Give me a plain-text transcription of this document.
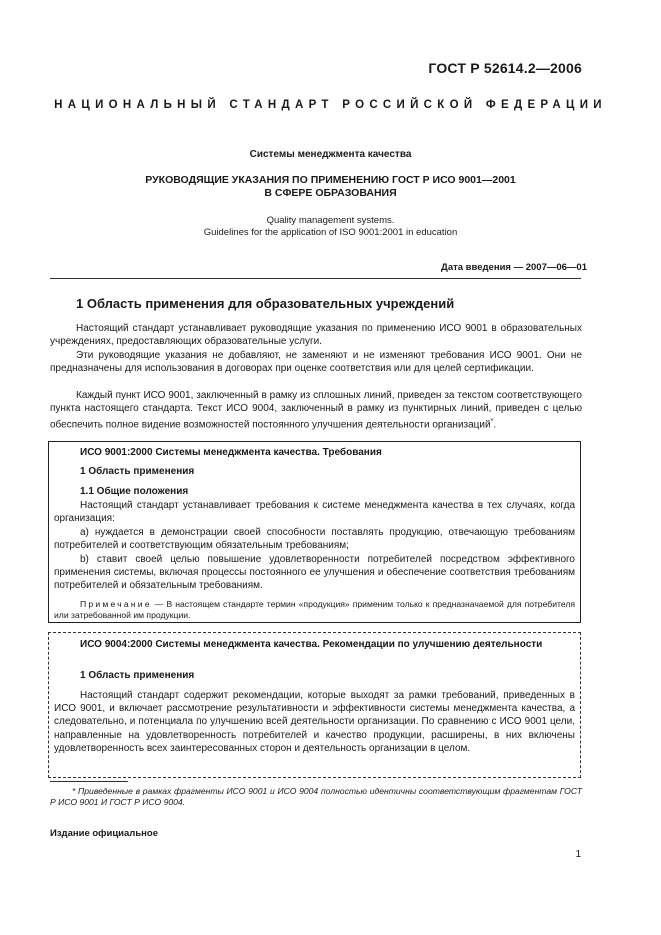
ГОСТ Р 52614.2—2006
НАЦИОНАЛЬНЫЙ СТАНДАРТ РОССИЙСКОЙ ФЕДЕРАЦИИ
Системы менеджмента качества
РУКОВОДЯЩИЕ УКАЗАНИЯ ПО ПРИМЕНЕНИЮ ГОСТ Р ИСО 9001—2001
В СФЕРЕ ОБРАЗОВАНИЯ
Quality management systems.
Guidelines for the application of ISO 9001:2001 in education
Дата введения — 2007—06—01
1 Область применения для образовательных учреждений
Настоящий стандарт устанавливает руководящие указания по применению ИСО 9001 в образовательных учреждениях, предоставляющих образовательные услуги.
Эти руководящие указания не добавляют, не заменяют и не изменяют требования ИСО 9001. Они не предназначены для использования в договорах при оценке соответствия или для целей сертификации.
Каждый пункт ИСО 9001, заключенный в рамку из сплошных линий, приведен за текстом соответствующего пункта настоящего стандарта. Текст ИСО 9004, заключенный в рамку из пунктирных линий, приведен с целью обеспечить полное видение возможностей постоянного улучшения деятельности организаций*.
ИСО 9001:2000 Системы менеджмента качества. Требования
1 Область применения
1.1 Общие положения
Настоящий стандарт устанавливает требования к системе менеджмента качества в тех случаях, когда организация:
a) нуждается в демонстрации своей способности поставлять продукцию, отвечающую требованиям потребителей и соответствующим обязательным требованиям;
b) ставит своей целью повышение удовлетворенности потребителей посредством эффективного применения системы, включая процессы постоянного ее улучшения и обеспечение соответствия требованиям потребителей и обязательным требованиям.
Примечание — В настоящем стандарте термин «продукция» применим только к предназначаемой для потребителя или затребованной им продукции.
ИСО 9004:2000 Системы менеджмента качества. Рекомендации по улучшению деятельности
1 Область применения
Настоящий стандарт содержит рекомендации, которые выходят за рамки требований, приведенных в ИСО 9001, и включает рассмотрение результативности и эффективности системы менеджмента качества, а следовательно, и потенциала по улучшению всей деятельности организации. По сравнению с ИСО 9001 цели, направленные на удовлетворенность потребителей и качество продукции, расширены, в них включены удовлетворенность всех заинтересованных сторон и деятельность организации в целом.
* Приведенные в рамках фрагменты ИСО 9001 и ИСО 9004 полностью идентичны соответствующим фрагментам ГОСТ Р ИСО 9001 И ГОСТ Р ИСО 9004.
Издание официальное
1
